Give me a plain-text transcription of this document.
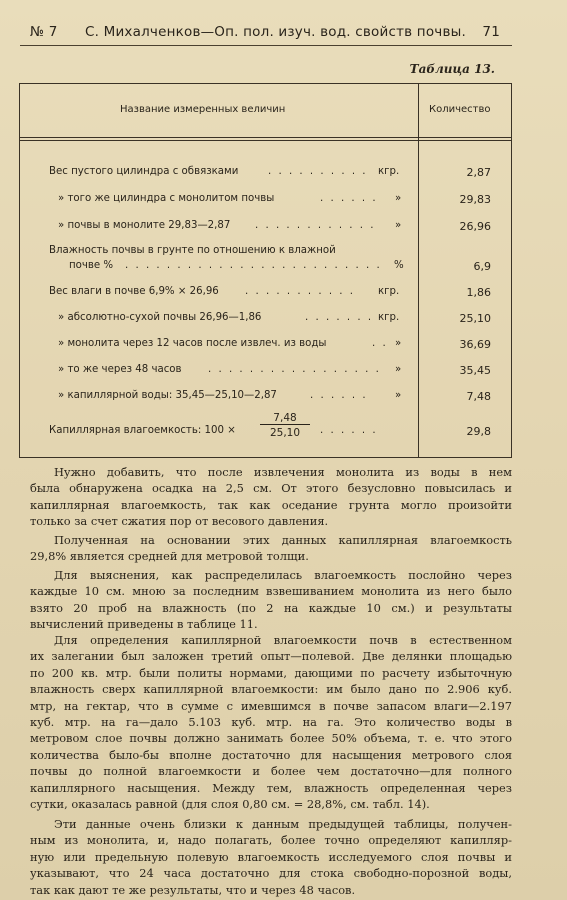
№ 7 С. Михалченков—Оп. пол. изуч. вод. свойств почвы. 71
Таблица 13.
Название измеренных величин	Количество
Вес пустого цилиндра с обвязками	. . . . . . . . . . кгр.	2,87
» того же цилиндра с монолитом почвы	. . . . . . »	29,83
» почвы в монолите 29,83—2,87 . . . . . . . . . . . . »	26,96
Влажность почвы в грунте по отношению к влажной
почве % . . . . . . . . . . . . . . . . . . . . . . . . . %	6,9
Вес влаги в почве 6,9% × 26,96	. . . . . . . . . . . кгр.	1,86
» абсолютно-сухой почвы 26,96—1,86	. . . . . . . кгр.	25,10
» монолита через 12 часов после извлеч. из воды	. . »	36,69
» то же через 48 часов	. . . . . . . . . . . . . . . . . »	35,45
» капиллярной воды: 35,45—25,10—2,87	. . . . . .	»	7,48
Капиллярная влагоемкость: 100 ×
7,48
25,10	. . . . . .	29,8
Нужно добавить, что после извлечения монолита из воды в нем
была обнаружена осадка на 2,5 см. От этого безусловно повысилась и
капиллярная влагоемкость, так как оседание грунта могло произойти
только за счет сжатия пор от весового давления.
Полученная на основании этих данных капиллярная влагоемкость
29,8% является средней для метровой толщи.
Для выяснения, как распределилась влагоемкость послойно через
каждые 10 см. мною за последним взвешиванием монолита из него было
взято 20 проб на влажность (по 2 на каждые 10 см.) и результаты
вычислений приведены в таблице 11.
Для определения капиллярной влагоемкости почв в естественном
их залегании был заложен третий опыт—полевой. Две делянки площадью
по 200 кв. мтр. были политы нормами, дающими по расчету избыточную
влажность сверх капиллярной влагоемкости: им было дано по 2.906 куб.
мтр, на гектар, что в сумме с имевшимся в почве запасом влаги—2.197
куб. мтр. на га—дало 5.103 куб. мтр. на га. Это количество воды в
метровом слое почвы должно занимать более 50% объема, т. е. что этого
количества было-бы вполне достаточно для насыщения метрового слоя
почвы до полной влагоемкости и более чем достаточно—для полного
капиллярного насыщения. Между тем, влажность определенная через
сутки, оказалась равной (для слоя 0,80 см. = 28,8%, см. табл. 14).
Эти данные очень близки к данным предыдущей таблицы, получен-
ным из монолита, и, надо полагать, более точно определяют капилляр-
ную или предельную полевую влагоемкость исследуемого слоя почвы и
указывают, что 24 часа достаточно для стока свободно-порозной воды,
так как дают те же результаты, что и через 48 часов.
